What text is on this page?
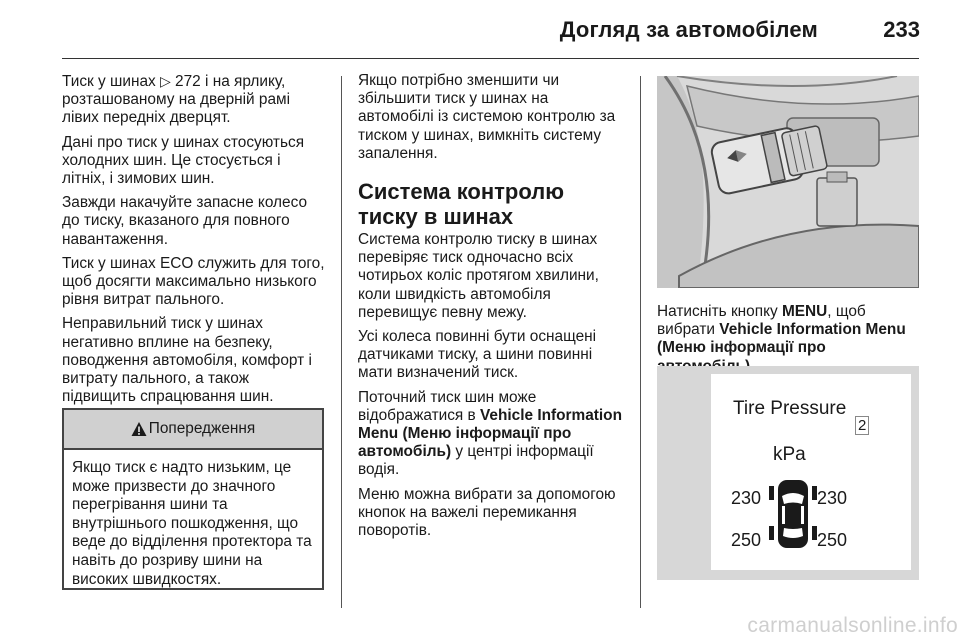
Догляд за автомобілем	233

Тиск у шинах ▷ 272 і на ярлику, розташованому на дверній рамі лівих передніх дверцят.

Дані про тиск у шинах стосуються холодних шин. Це стосується і літніх, і зимових шин.

Завжди накачуйте запасне колесо до тиску, вказаного для повного навантаження.

Тиск у шинах ECO служить для того, щоб досягти максимально низького рівня витрат пального.

Неправильний тиск у шинах негативно вплине на безпеку, поводження автомобіля, комфорт і витрату пального, а також підвищить спрацювання шин.

Попередження
Якщо тиск є надто низьким, це може призвести до значного перегрівання шини та внутрішнього пошкодження, що веде до відділення протектора та навіть до розриву шини на високих швидкостях.

Якщо потрібно зменшити чи збільшити тиск у шинах на автомобілі із системою контролю за тиском у шинах, вимкніть систему запалення.

Система контролю тиску в шинах

Система контролю тиску в шинах перевіряє тиск одночасно всіх чотирьох коліс протягом хвилини, коли швидкість автомобіля перевищує певну межу.

Усі колеса повинні бути оснащені датчиками тиску, а шини повинні мати визначений тиск.

Поточний тиск шин може відображатися в Vehicle Information Menu (Меню інформації про автомобіль) у центрі інформації водія.

Меню можна вибрати за допомогою кнопок на важелі перемикання поворотів.

Натисніть кнопку MENU, щоб вибрати Vehicle Information Menu (Меню інформації про
Tire Pressure
2
kPa
230	230
250	250
carmanualsonline.info
